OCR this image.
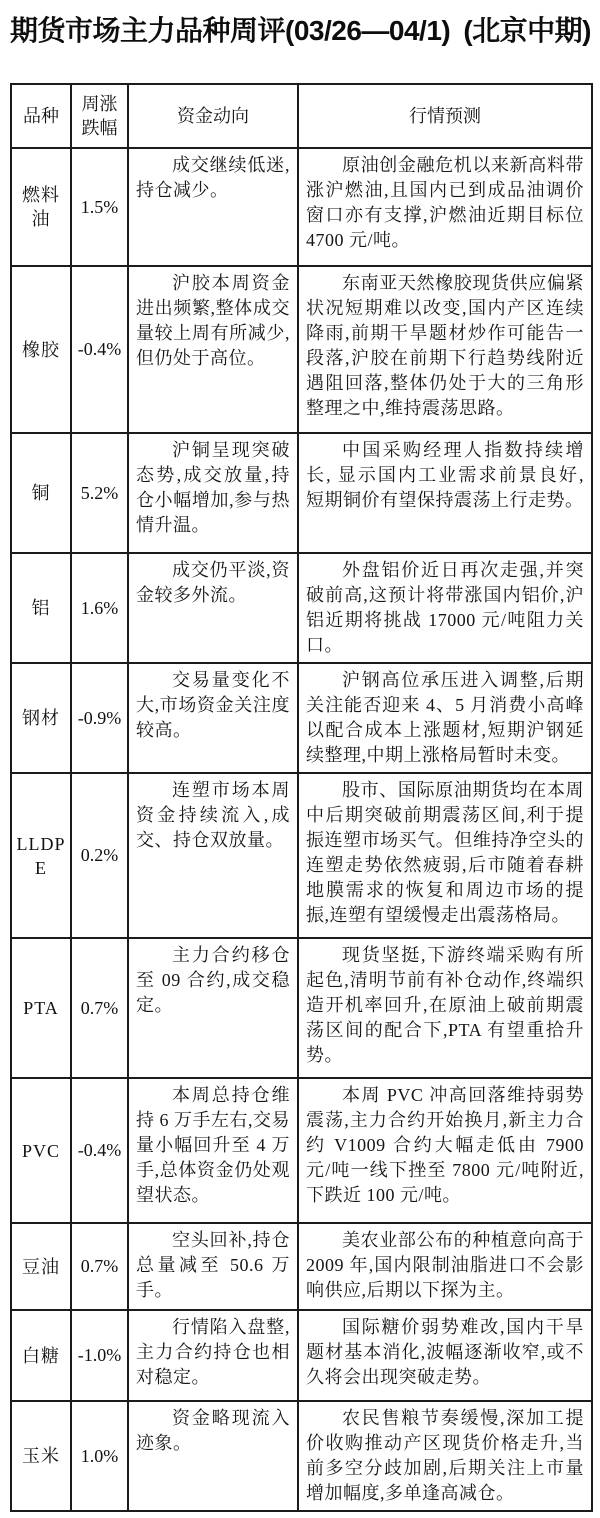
期货市场主力品种周评(03/26—04/1) (北京中期)
品种	周涨跌幅	资金动向	行情预测
燃料油	1.5%	成交继续低迷,持仓减少。	原油创金融危机以来新高料带涨沪燃油,且国内已到成品油调价窗口亦有支撑,沪燃油近期目标位 4700 元/吨。

橡胶	-0.4%	沪胶本周资金进出频繁,整体成交量较上周有所减少,但仍处于高位。	东南亚天然橡胶现货供应偏紧状况短期难以改变,国内产区连续降雨,前期干旱题材炒作可能告一段落,沪胶在前期下行趋势线附近遇阻回落,整体仍处于大的三角形整理之中,维持震荡思路。

铜	5.2%	沪铜呈现突破态势,成交放量,持仓小幅增加,参与热情升温。	中国采购经理人指数持续增长, 显示国内工业需求前景良好, 短期铜价有望保持震荡上行走势。

铝	1.6%	成交仍平淡,资金较多外流。	外盘铝价近日再次走强,并突破前高,这预计将带涨国内铝价,沪铝近期将挑战 17000 元/吨阻力关口。

钢材	-0.9%	交易量变化不大,市场资金关注度较高。	沪钢高位承压进入调整,后期关注能否迎来 4、5 月消费小高峰以配合成本上涨题材,短期沪钢延续整理,中期上涨格局暂时未变。

LLDPE	0.2%	连塑市场本周资金持续流入,成交、持仓双放量。	股市、国际原油期货均在本周中后期突破前期震荡区间,利于提振连塑市场买气。但维持净空头的连塑走势依然疲弱,后市随着春耕地膜需求的恢复和周边市场的提振,连塑有望缓慢走出震荡格局。

PTA	0.7%	主力合约移仓至 09 合约,成交稳定。	现货坚挺,下游终端采购有所起色,清明节前有补仓动作,终端织造开机率回升,在原油上破前期震荡区间的配合下,PTA 有望重拾升势。

PVC	-0.4%	本周总持仓维持 6 万手左右,交易量小幅回升至 4 万手,总体资金仍处观望状态。	本周 PVC 冲高回落维持弱势震荡,主力合约开始换月,新主力合约 V1009 合约大幅走低由 7900 元/吨一线下挫至 7800 元/吨附近,下跌近 100 元/吨。

豆油	0.7%	空头回补,持仓总量减至 50.6 万手。	美农业部公布的种植意向高于 2009 年,国内限制油脂进口不会影响供应,后期以下探为主。

白糖	-1.0%	行情陷入盘整, 主力合约持仓也相对稳定。	国际糖价弱势难改,国内干旱题材基本消化,波幅逐渐收窄,或不久将会出现突破走势。

玉米	1.0%	资金略现流入迹象。	农民售粮节奏缓慢,深加工提价收购推动产区现货价格走升,当前多空分歧加剧,后期关注上市量增加幅度,多单逢高减仓。
